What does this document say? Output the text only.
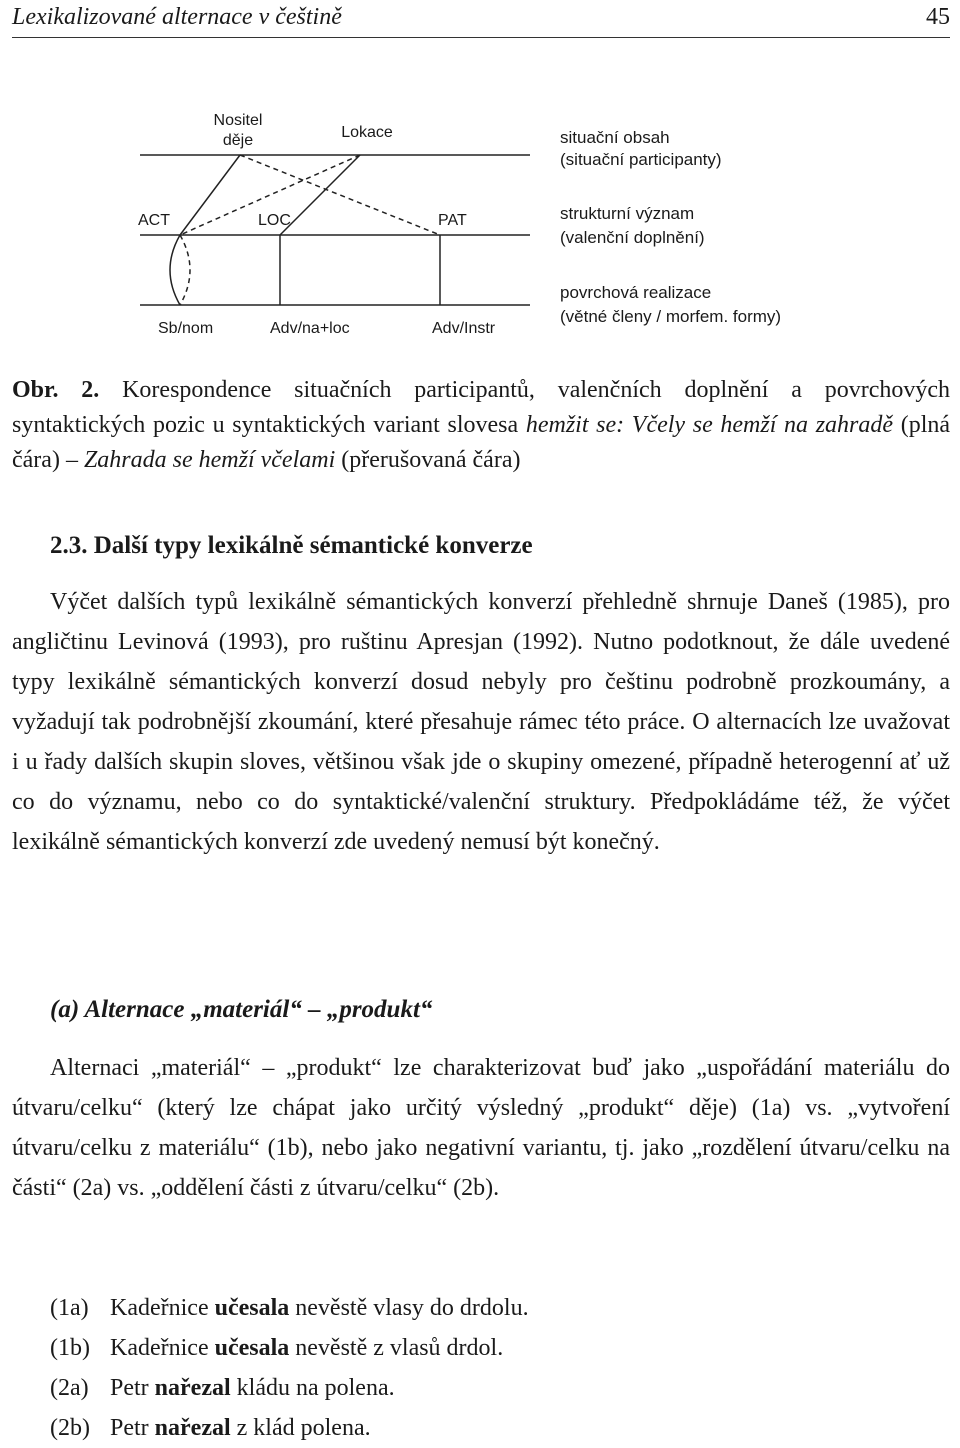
Lexikalizované alternace v češtině	45
Nositel
děje	Lokace
ACT	LOC	PAT
Sb/nom	Adv/na+loc	Adv/Instr
situační obsah
(situační participanty)
strukturní význam
(valenční doplnění)
povrchová realizace
(větné členy / morfem. formy)
Obr. 2. Korespondence situačních participantů, valenčních doplnění a povrchových syntaktických pozic u syntaktických variant slovesa hemžit se: Včely se hemží na zahradě (plná čára) – Zahrada se hemží včelami (přerušovaná čára)
2.3. Další typy lexikálně sémantické konverze
Výčet dalších typů lexikálně sémantických konverzí přehledně shrnuje Daneš (1985), pro angličtinu Levinová (1993), pro ruštinu Apresjan (1992). Nutno podotknout, že dále uvedené typy lexikálně sémantických konverzí dosud nebyly pro češtinu podrobně prozkoumány, a vyžadují tak podrobnější zkoumání, které přesahuje rámec této práce. O alternacích lze uvažovat i u řady dalších skupin sloves, většinou však jde o skupiny omezené, případně heterogenní ať už co do významu, nebo co do syntaktické/valenční struktury. Předpokládáme též, že výčet lexikálně sémantických konverzí zde uvedený nemusí být konečný.
(a) Alternace „materiál“ – „produkt“
Alternaci „materiál“ – „produkt“ lze charakterizovat buď jako „uspořádání materiálu do útvaru/celku“ (který lze chápat jako určitý výsledný „produkt“ děje) (1a) vs. „vytvoření útvaru/celku z materiálu“ (1b), nebo jako negativní variantu, tj. jako „rozdělení útvaru/celku na části“ (2a) vs. „oddělení části z útvaru/celku“ (2b).
(1a) Kadeřnice učesala nevěstě vlasy do drdolu.
(1b) Kadeřnice učesala nevěstě z vlasů drdol.
(2a) Petr nařezal kládu na polena.
(2b) Petr nařezal z klád polena.
